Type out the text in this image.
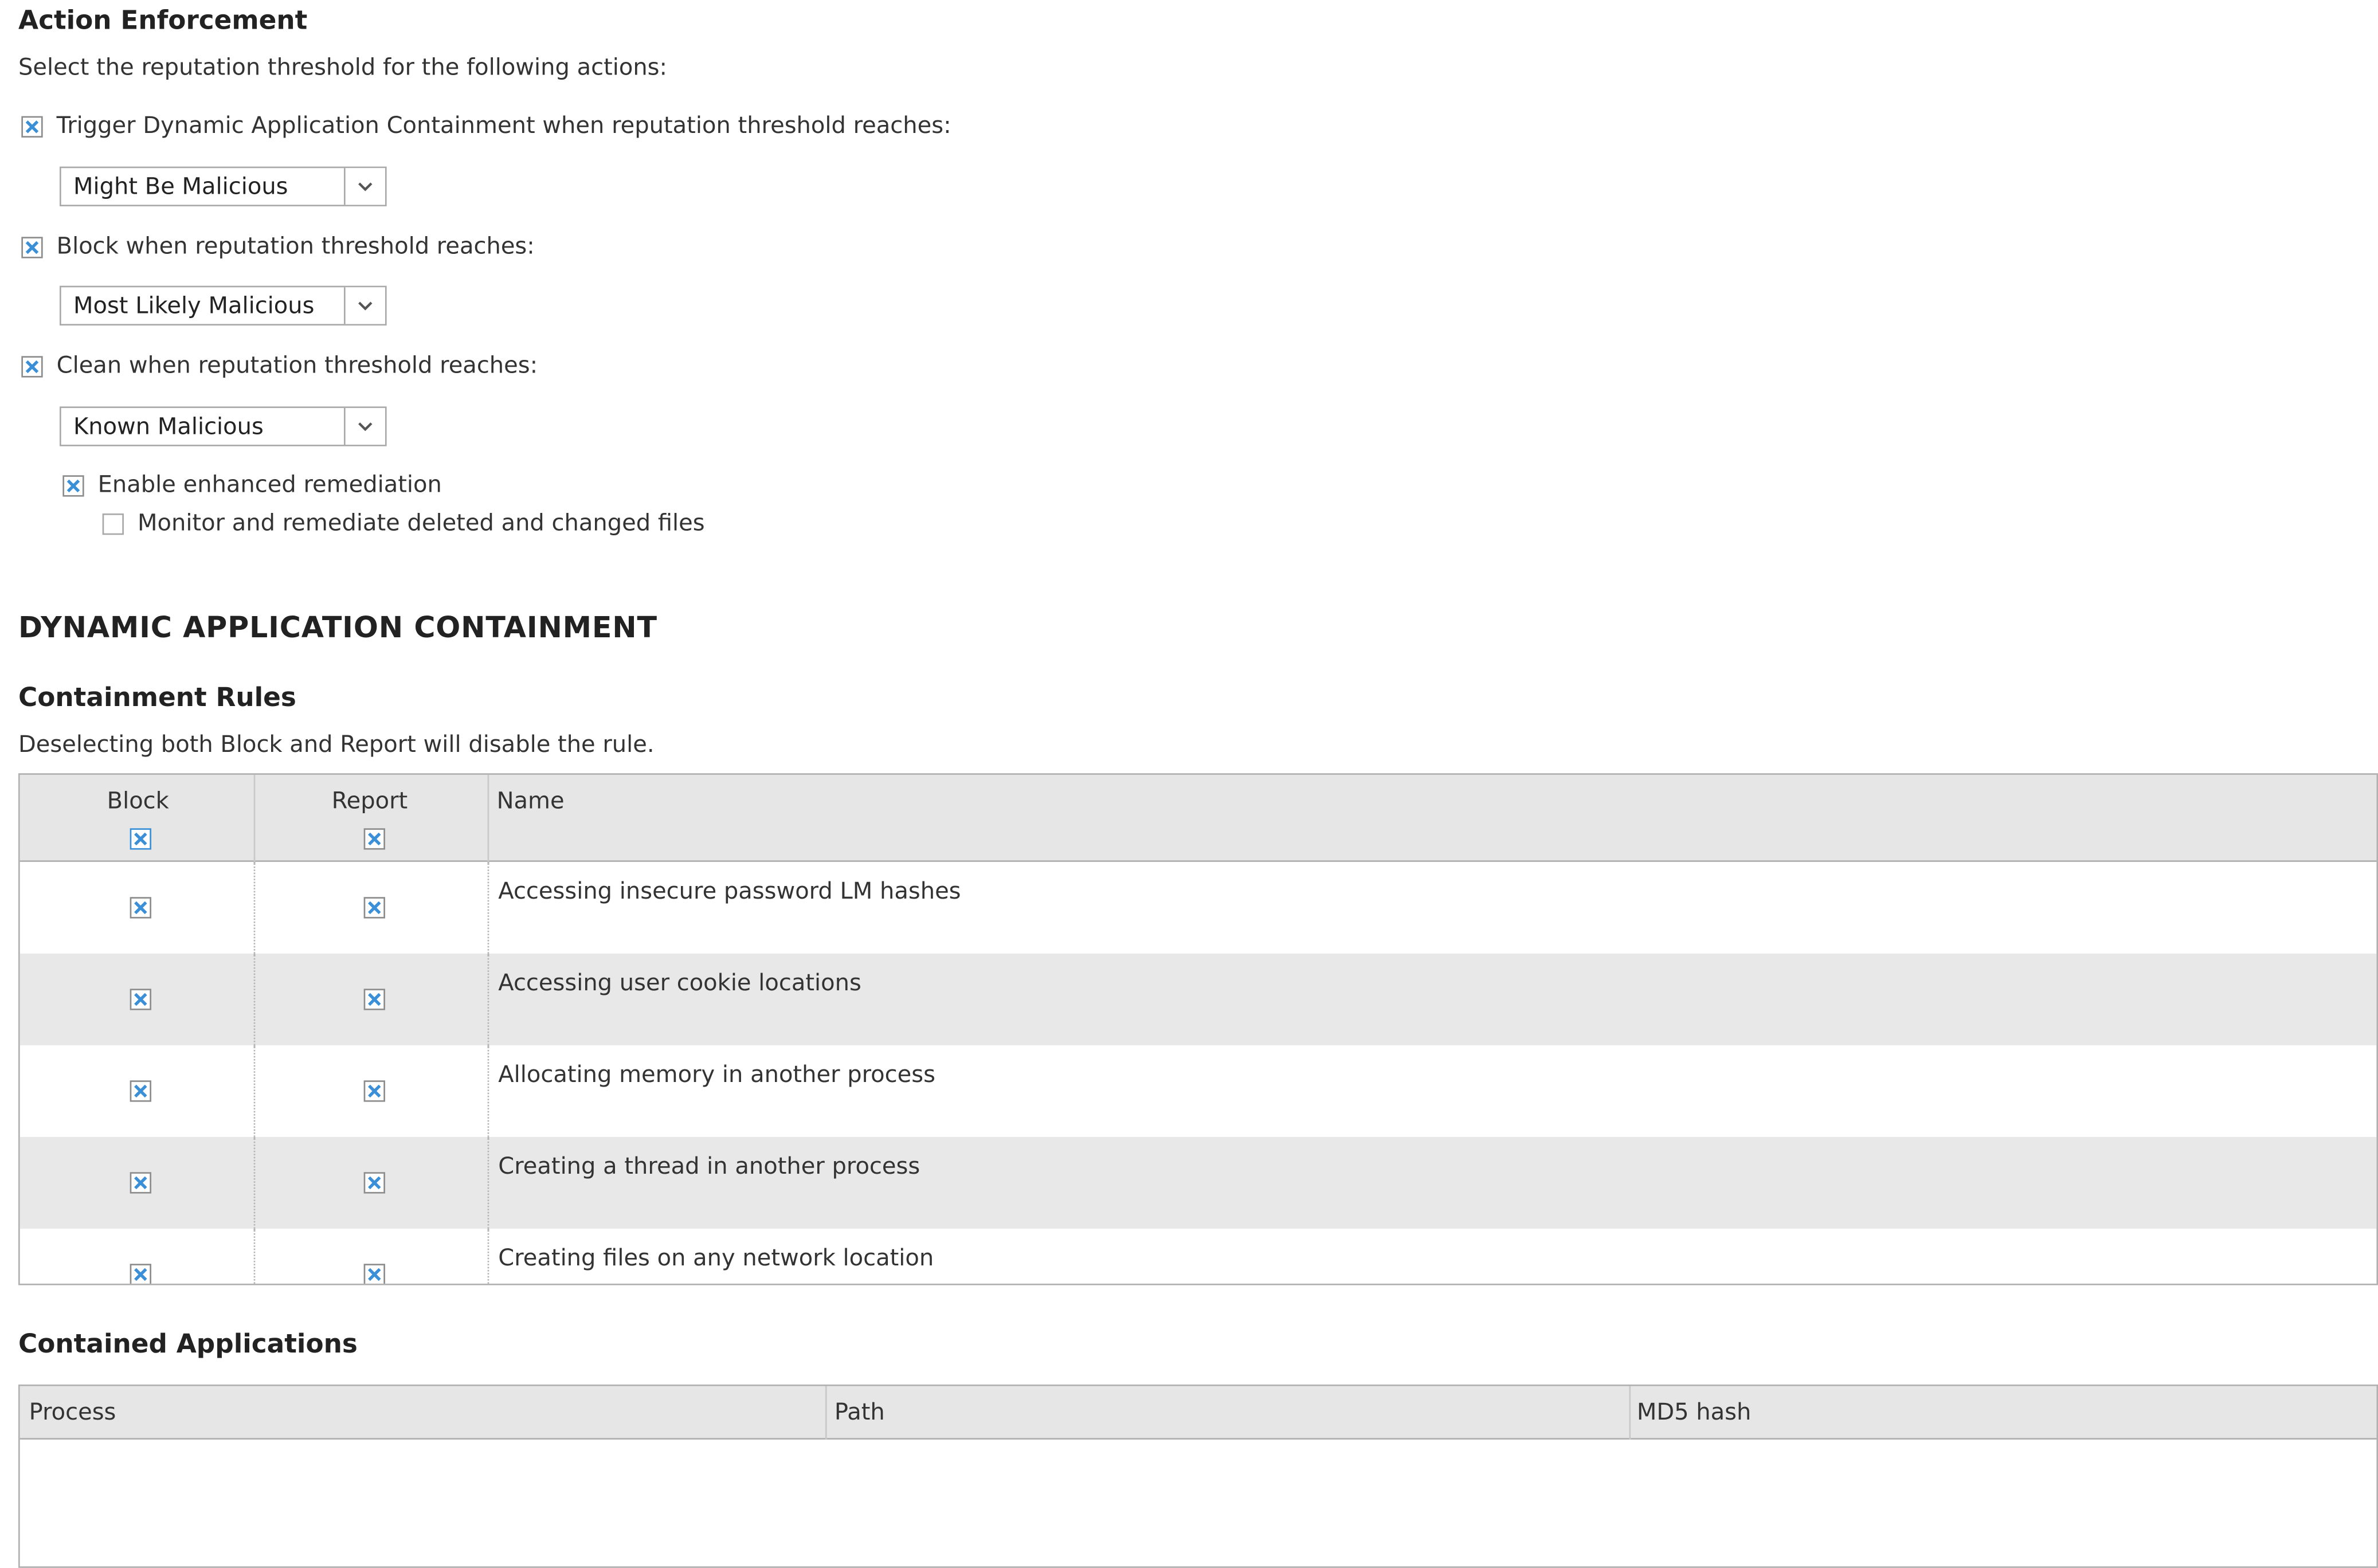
Action Enforcement
Select the reputation threshold for the following actions:
Trigger Dynamic Application Containment when reputation threshold reaches:
Might Be Malicious
Block when reputation threshold reaches:
Most Likely Malicious
Clean when reputation threshold reaches:
Known Malicious
Enable enhanced remediation
Monitor and remediate deleted and changed files
DYNAMIC APPLICATION CONTAINMENT
Containment Rules
Deselecting both Block and Report will disable the rule.
Block	Report	Name
Accessing insecure password LM hashes
Accessing user cookie locations
Allocating memory in another process
Creating a thread in another process
Creating files on any network location
Contained Applications
Process	Path	MD5 hash
